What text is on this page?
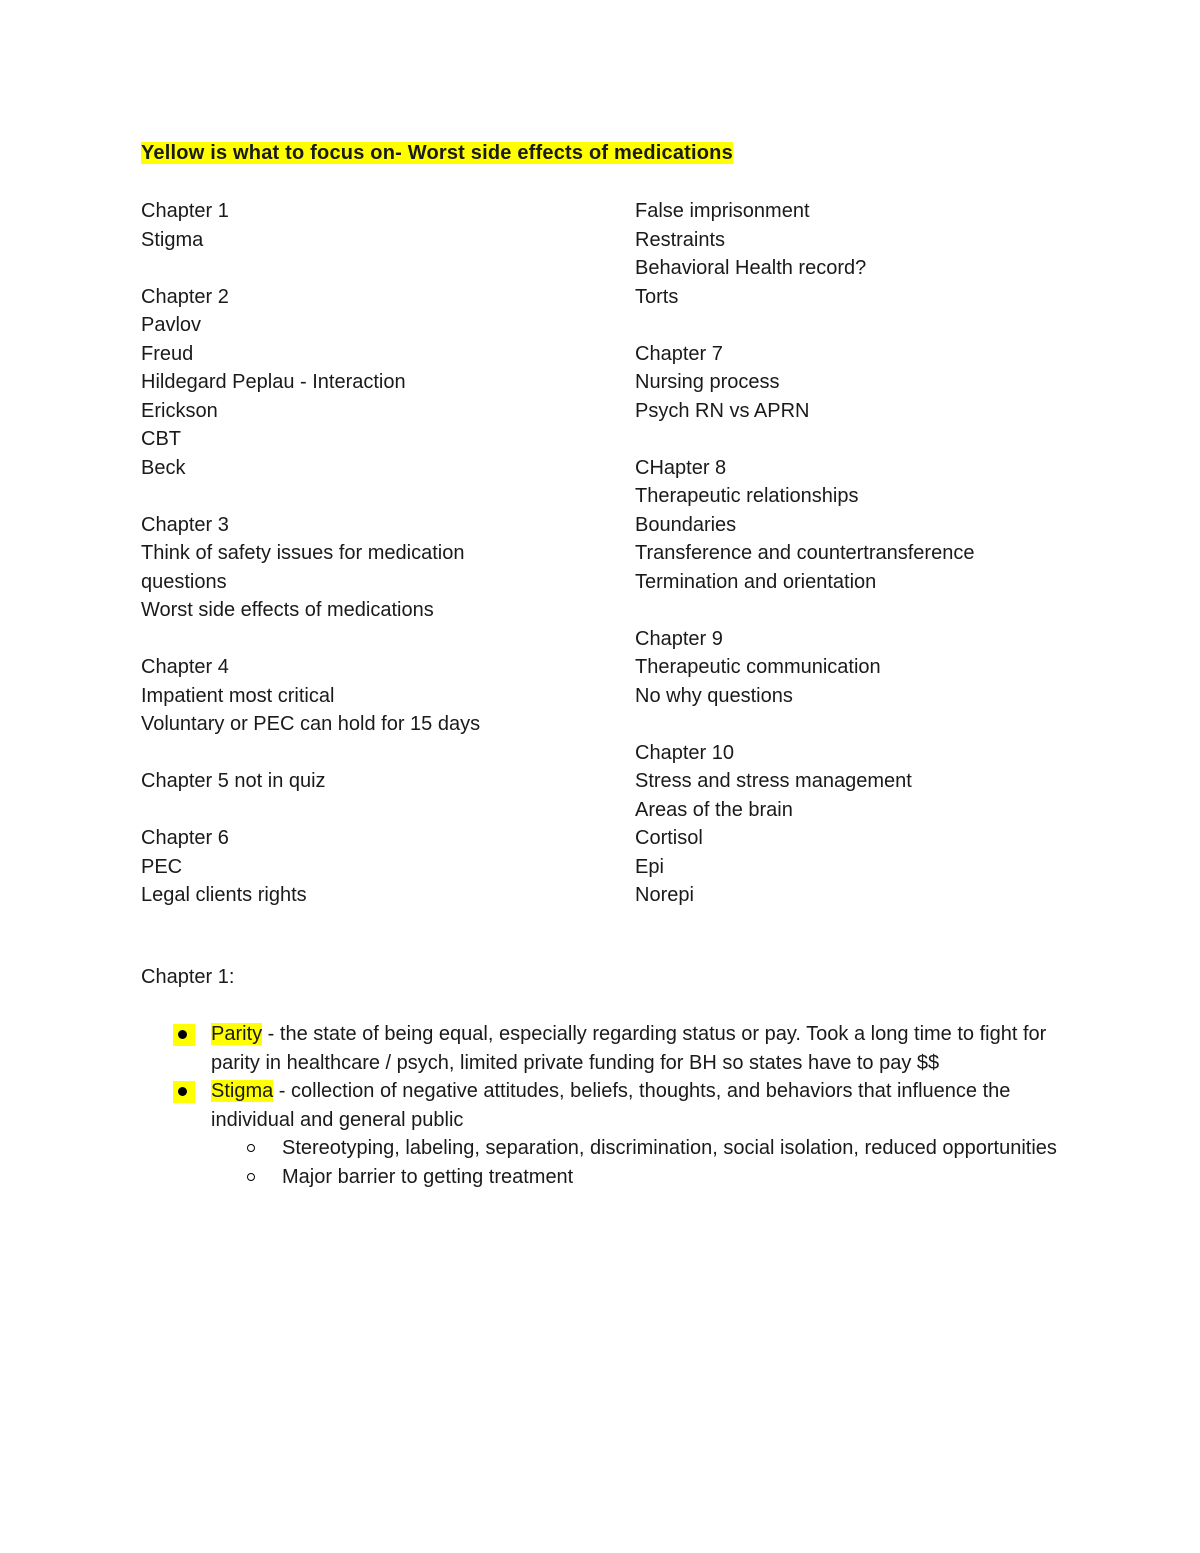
Yellow is what to focus on- Worst side effects of medications
Chapter 1
Stigma
Chapter 2
Pavlov
Freud
Hildegard Peplau - Interaction
Erickson
CBT
Beck
Chapter 3
Think of safety issues for medication questions
Worst side effects of medications
Chapter 4
Impatient most critical
Voluntary or PEC can hold for 15 days
Chapter 5 not in quiz
Chapter 6
PEC
Legal clients rights
False imprisonment
Restraints
Behavioral Health record?
Torts
Chapter 7
Nursing process
Psych RN vs APRN
CHapter 8
Therapeutic relationships
Boundaries
Transference and countertransference
Termination and orientation
Chapter 9
Therapeutic communication
No why questions
Chapter 10
Stress and stress management
Areas of the brain
Cortisol
Epi
Norepi
Chapter 1:
Parity - the state of being equal, especially regarding status or pay. Took a long time to fight for parity in healthcare / psych, limited private funding for BH so states have to pay $$
Stigma - collection of negative attitudes, beliefs, thoughts, and behaviors that influence the individual and general public
Stereotyping, labeling, separation, discrimination, social isolation, reduced opportunities
Major barrier to getting treatment
